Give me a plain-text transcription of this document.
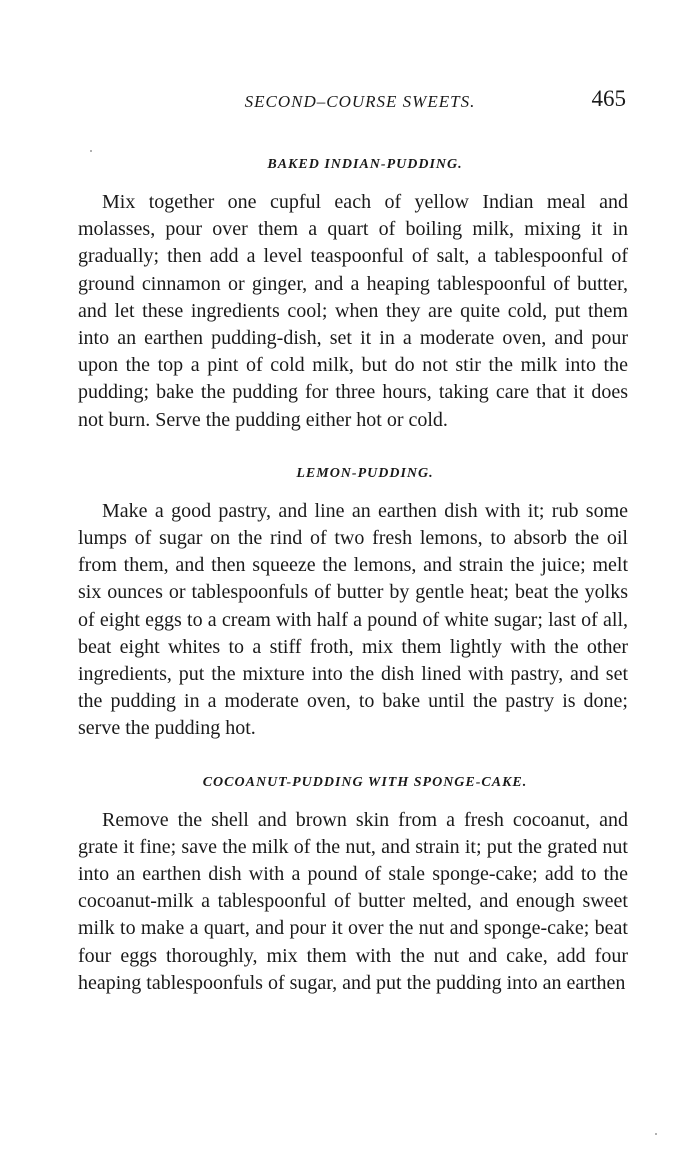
SECOND–COURSE SWEETS.	465
BAKED INDIAN-PUDDING.

Mix together one cupful each of yellow Indian meal and molasses, pour over them a quart of boiling milk, mixing it in gradually; then add a level teaspoonful of salt, a tablespoonful of ground cinnamon or ginger, and a heaping tablespoonful of butter, and let these ingredients cool; when they are quite cold, put them into an earthen pudding-dish, set it in a moderate oven, and pour upon the top a pint of cold milk, but do not stir the milk into the pudding; bake the pudding for three hours, taking care that it does not burn. Serve the pudding either hot or cold.

LEMON-PUDDING.

Make a good pastry, and line an earthen dish with it; rub some lumps of sugar on the rind of two fresh lemons, to absorb the oil from them, and then squeeze the lemons, and strain the juice; melt six ounces or tablespoonfuls of butter by gentle heat; beat the yolks of eight eggs to a cream with half a pound of white sugar; last of all, beat eight whites to a stiff froth, mix them lightly with the other ingredients, put the mixture into the dish lined with pastry, and set the pudding in a moderate oven, to bake until the pastry is done; serve the pudding hot.

COCOANUT-PUDDING WITH SPONGE-CAKE.

Remove the shell and brown skin from a fresh cocoanut, and grate it fine; save the milk of the nut, and strain it; put the grated nut into an earthen dish with a pound of stale sponge-cake; add to the cocoanut-milk a tablespoonful of butter melted, and enough sweet milk to make a quart, and pour it over the nut and sponge-cake; beat four eggs thoroughly, mix them with the nut and cake, add four heaping tablespoonfuls of sugar, and put the pudding into an earthen
